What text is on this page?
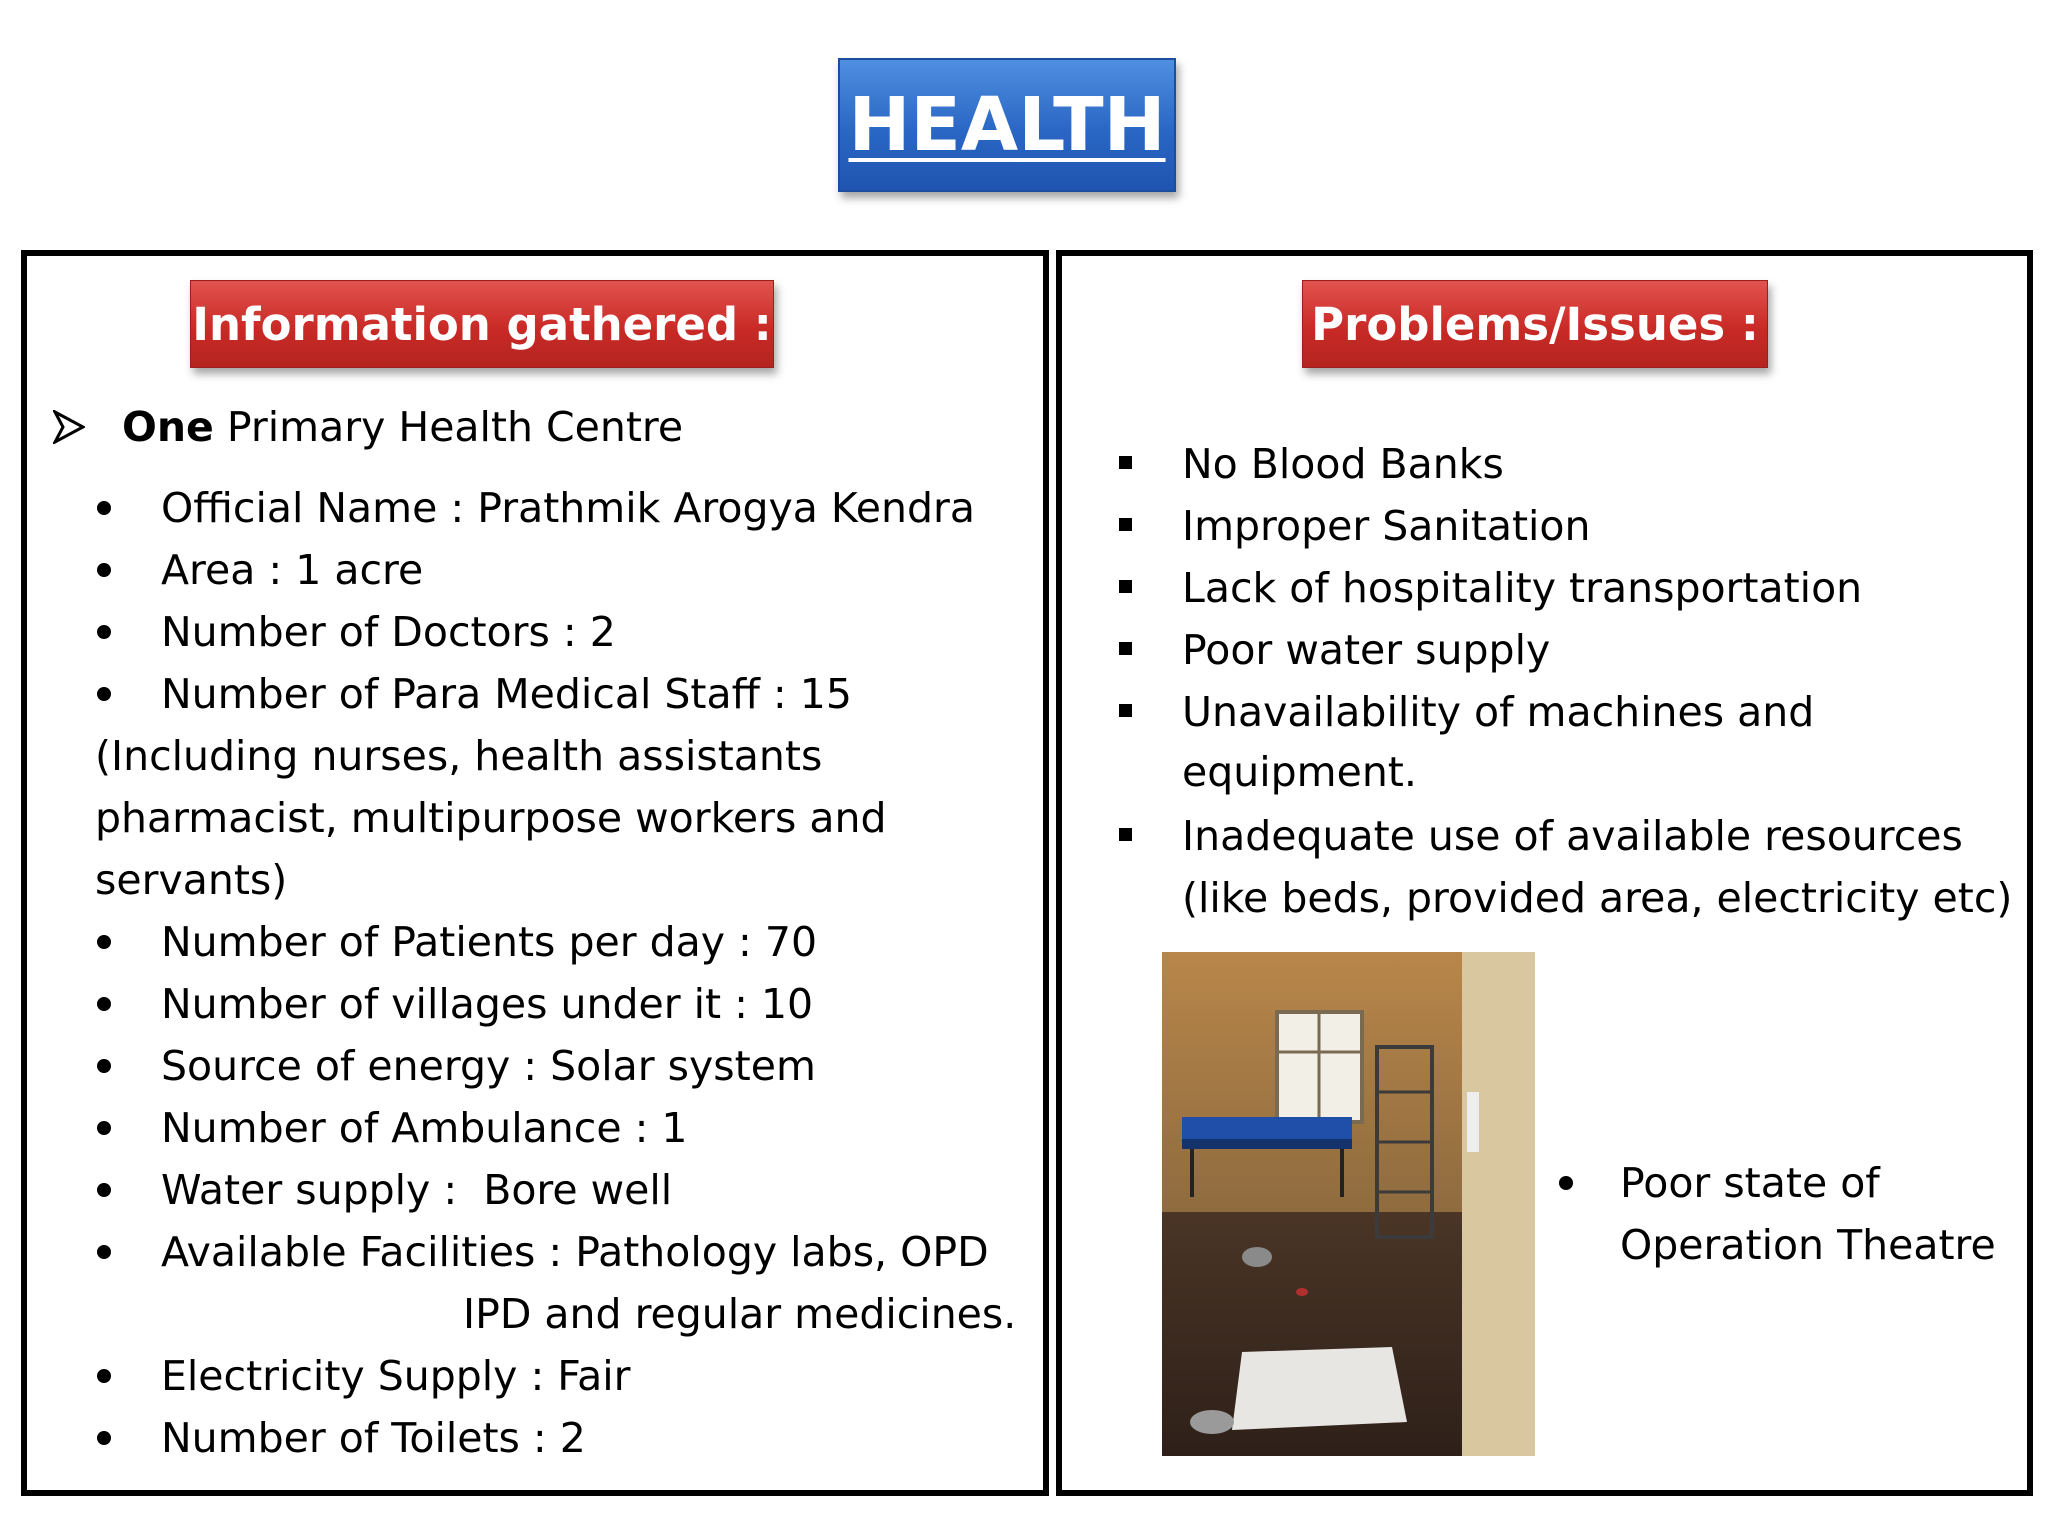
HEALTH
Information gathered :
One Primary Health Centre
Official Name : Prathmik Arogya Kendra
Area : 1 acre
Number of Doctors : 2
Number of Para Medical Staff : 15
(Including nurses, health assistants
pharmacist, multipurpose workers and
servants)
Number of Patients per day : 70
Number of villages under it : 10
Source of energy : Solar system
Number of Ambulance : 1
Water supply :  Bore well
Available Facilities : Pathology labs, OPD
IPD and regular medicines.
Electricity Supply : Fair
Number of Toilets : 2
Problems/Issues :
No Blood Banks
Improper Sanitation
Lack of hospitality transportation
Poor water supply
Unavailability of machines and
equipment.
Inadequate use of available resources
(like beds, provided area, electricity etc)
Poor state of
Operation Theatre
